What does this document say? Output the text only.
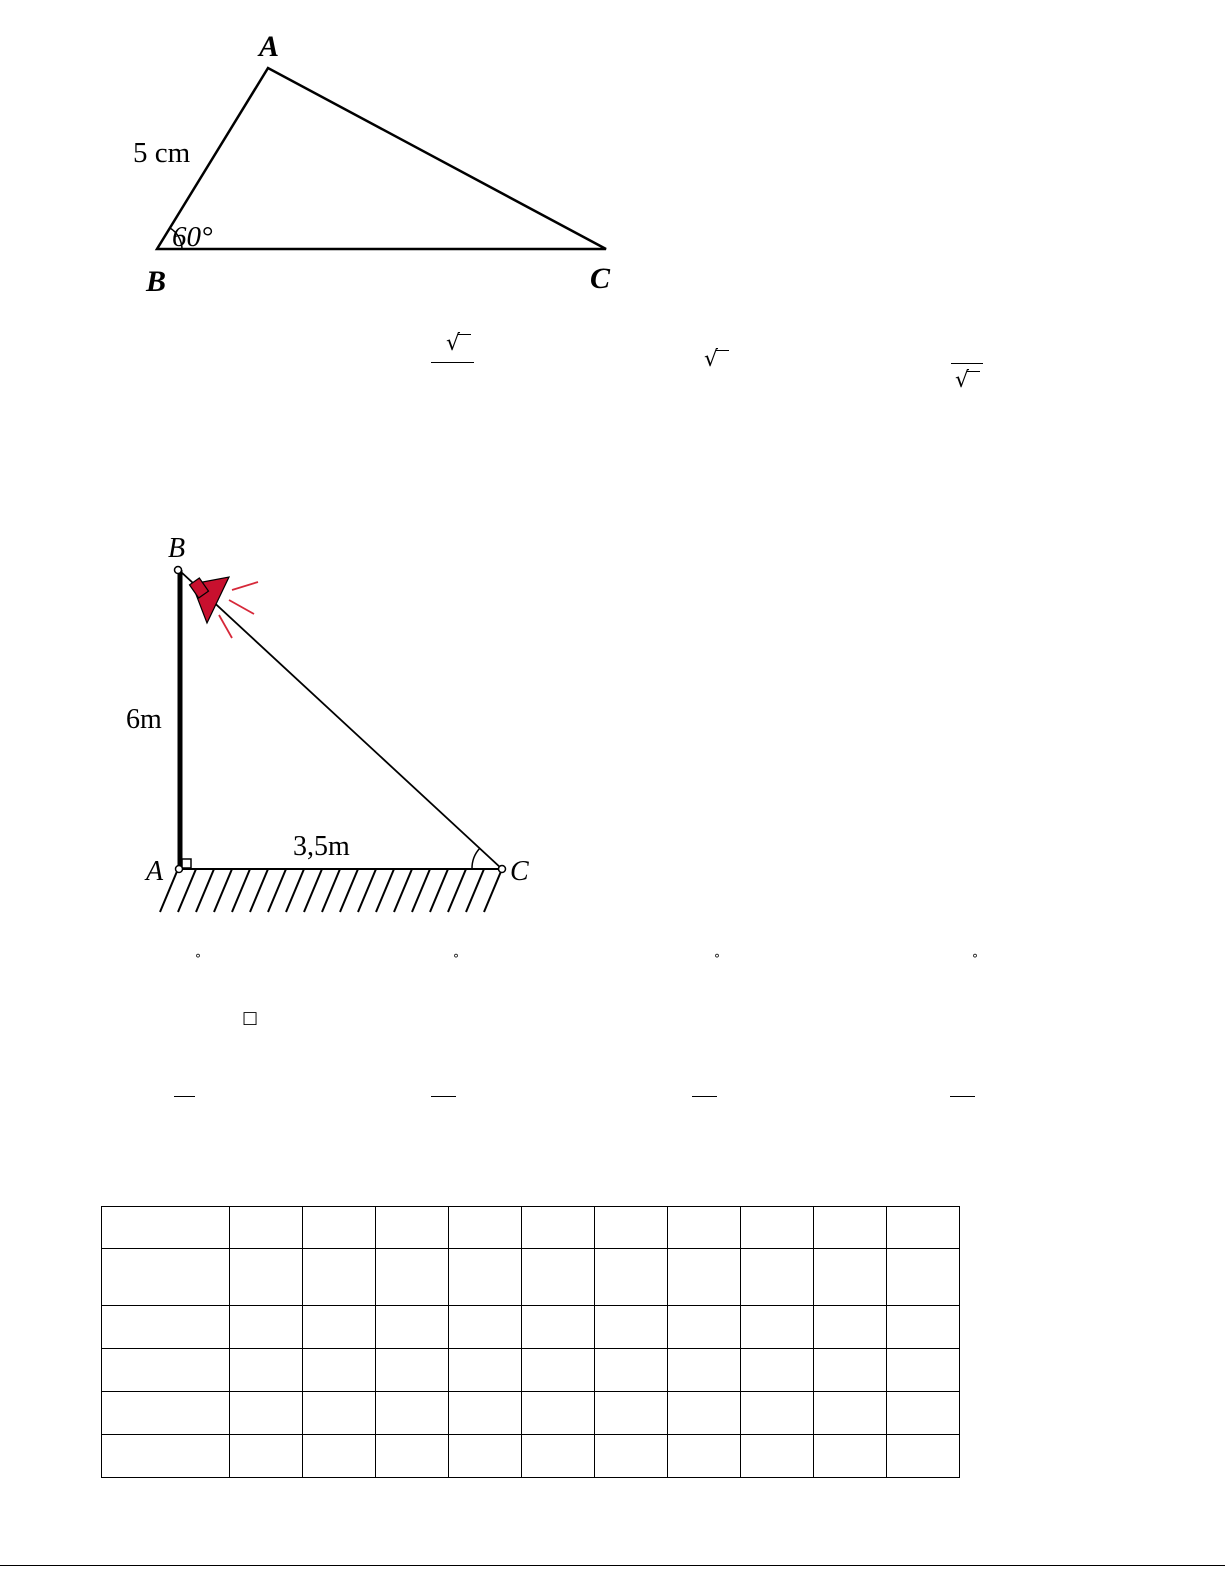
A
B	C
5 cm
60°
√
√
√
B
A	C
6m
3,5m
°	°	°	°
□
